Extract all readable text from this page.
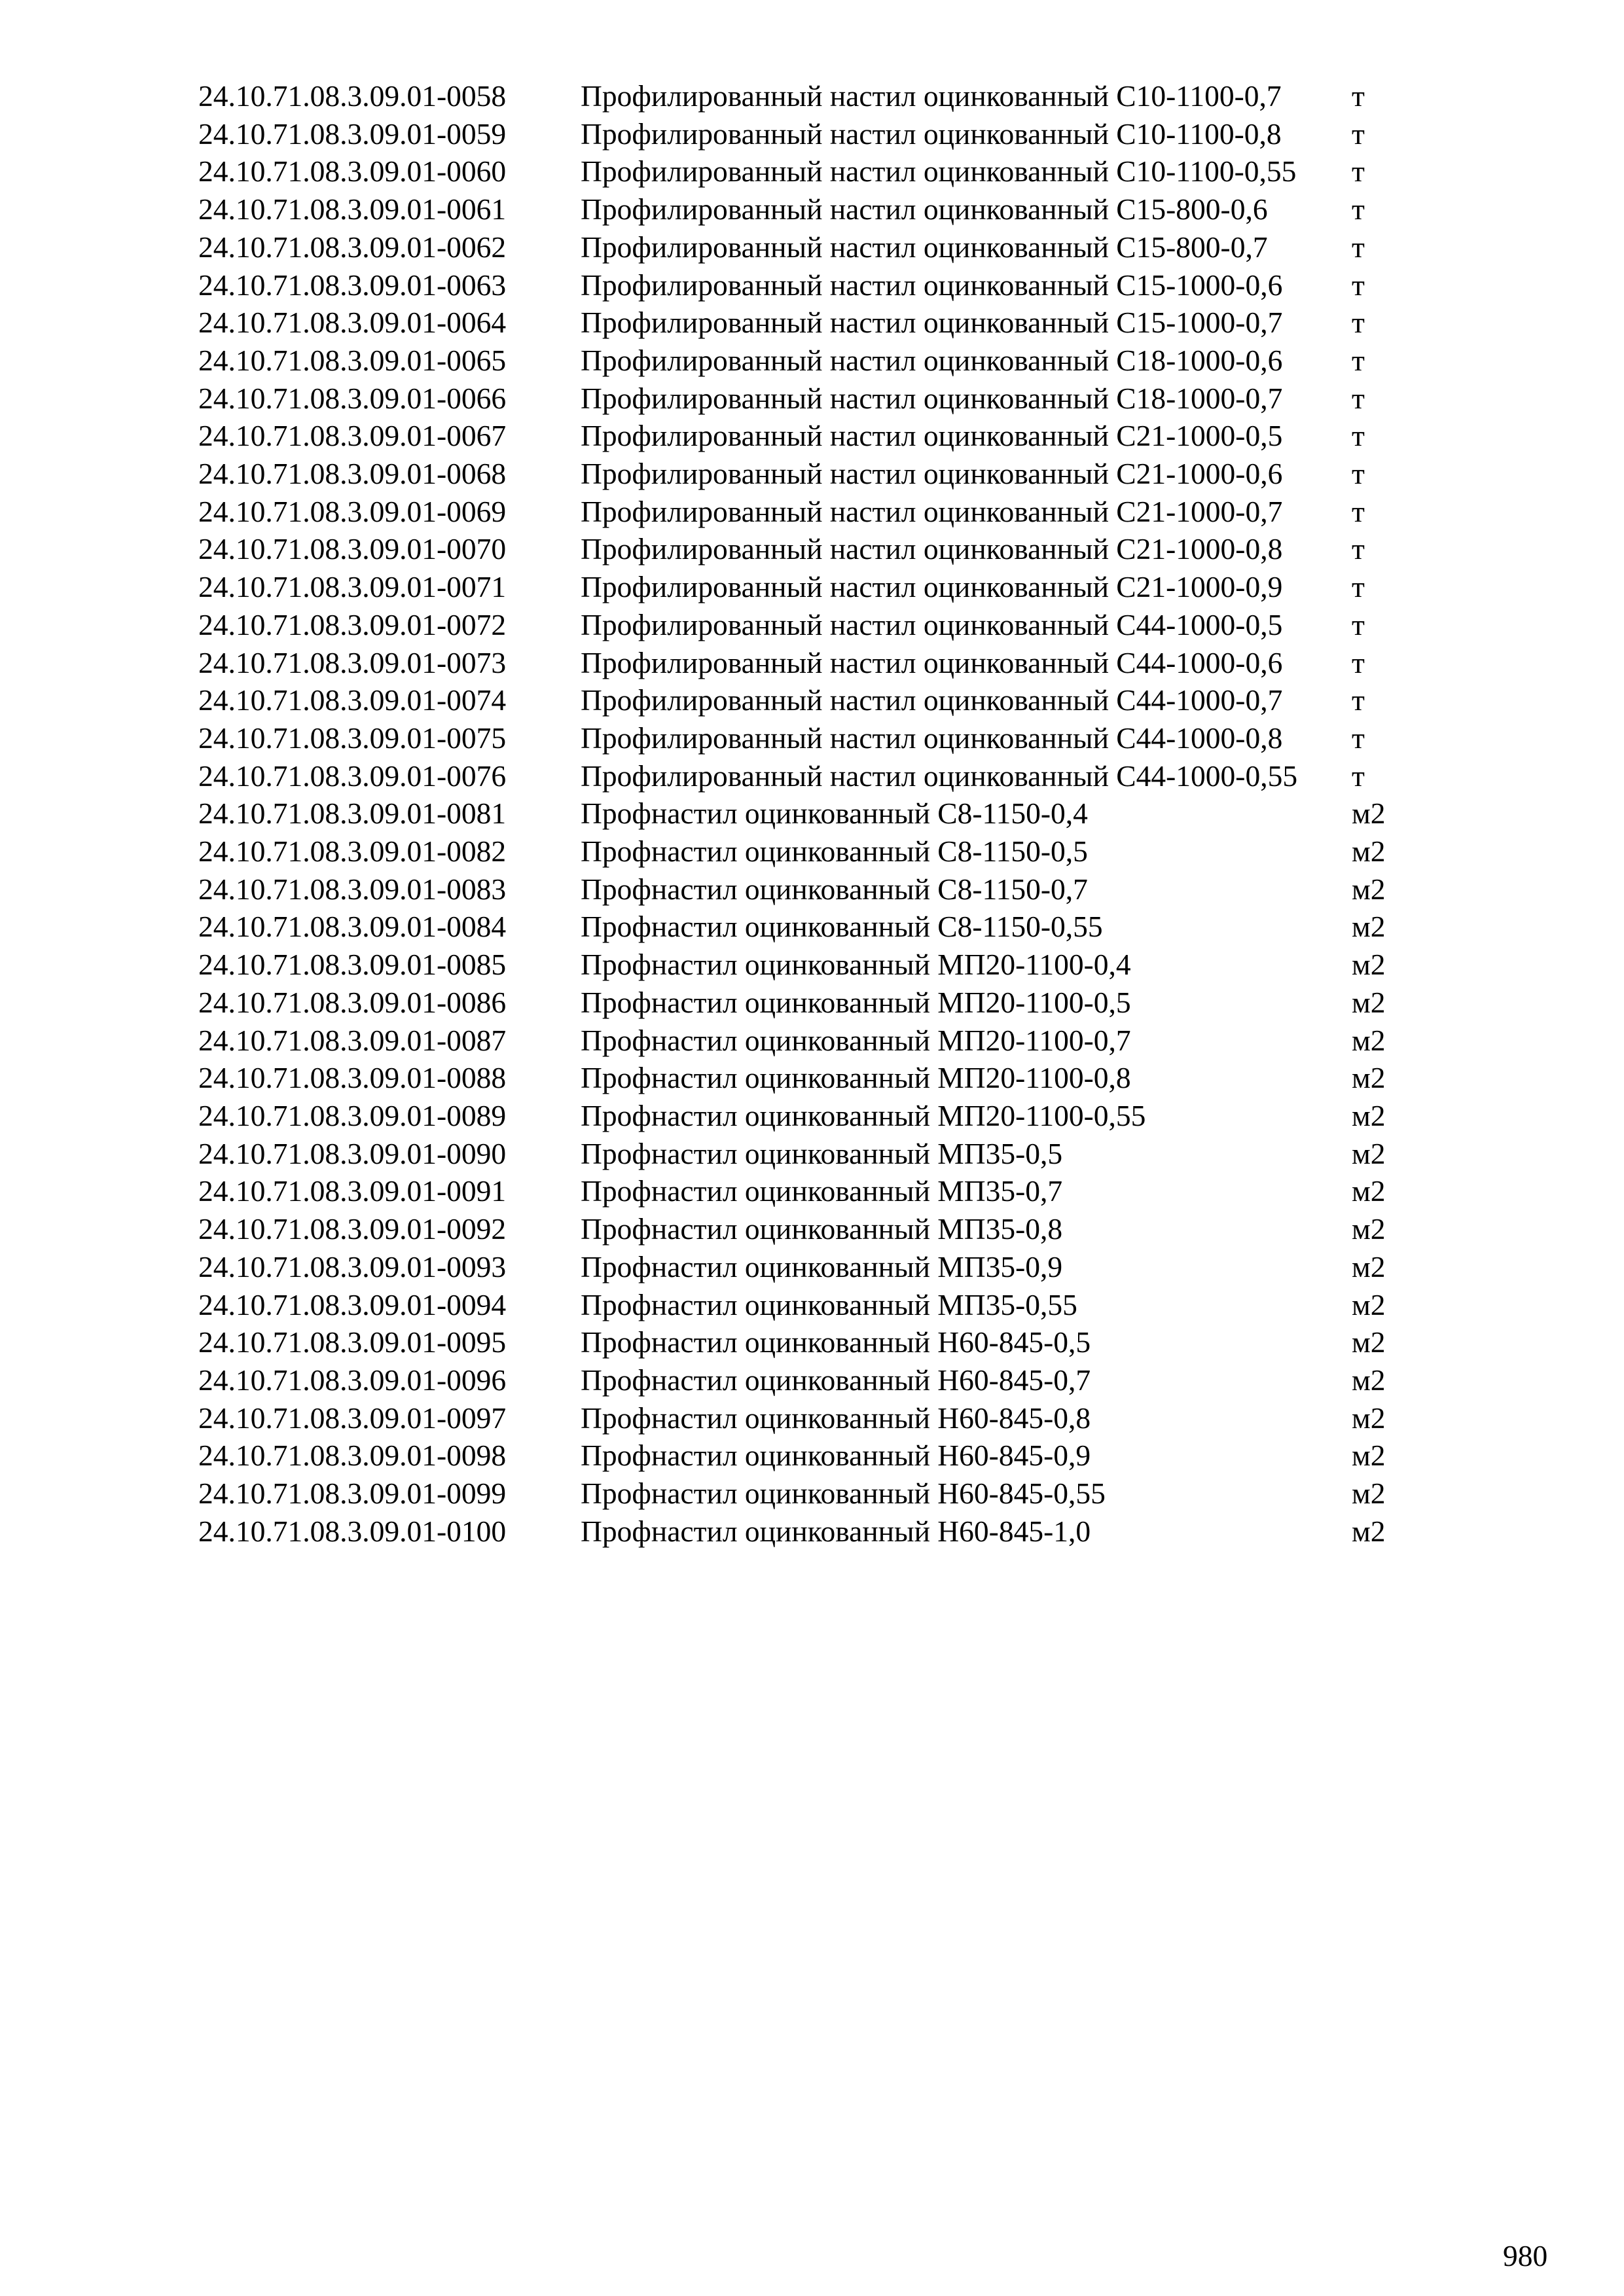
24.10.71.08.3.09.01-0058	Профилированный настил оцинкованный С10-1100-0,7	т
24.10.71.08.3.09.01-0059	Профилированный настил оцинкованный С10-1100-0,8	т
24.10.71.08.3.09.01-0060	Профилированный настил оцинкованный С10-1100-0,55	т
24.10.71.08.3.09.01-0061	Профилированный настил оцинкованный С15-800-0,6	т
24.10.71.08.3.09.01-0062	Профилированный настил оцинкованный С15-800-0,7	т
24.10.71.08.3.09.01-0063	Профилированный настил оцинкованный С15-1000-0,6	т
24.10.71.08.3.09.01-0064	Профилированный настил оцинкованный С15-1000-0,7	т
24.10.71.08.3.09.01-0065	Профилированный настил оцинкованный С18-1000-0,6	т
24.10.71.08.3.09.01-0066	Профилированный настил оцинкованный С18-1000-0,7	т
24.10.71.08.3.09.01-0067	Профилированный настил оцинкованный С21-1000-0,5	т
24.10.71.08.3.09.01-0068	Профилированный настил оцинкованный С21-1000-0,6	т
24.10.71.08.3.09.01-0069	Профилированный настил оцинкованный С21-1000-0,7	т
24.10.71.08.3.09.01-0070	Профилированный настил оцинкованный С21-1000-0,8	т
24.10.71.08.3.09.01-0071	Профилированный настил оцинкованный С21-1000-0,9	т
24.10.71.08.3.09.01-0072	Профилированный настил оцинкованный С44-1000-0,5	т
24.10.71.08.3.09.01-0073	Профилированный настил оцинкованный С44-1000-0,6	т
24.10.71.08.3.09.01-0074	Профилированный настил оцинкованный С44-1000-0,7	т
24.10.71.08.3.09.01-0075	Профилированный настил оцинкованный С44-1000-0,8	т
24.10.71.08.3.09.01-0076	Профилированный настил оцинкованный С44-1000-0,55	т
24.10.71.08.3.09.01-0081	Профнастил оцинкованный С8-1150-0,4	м2
24.10.71.08.3.09.01-0082	Профнастил оцинкованный С8-1150-0,5	м2
24.10.71.08.3.09.01-0083	Профнастил оцинкованный С8-1150-0,7	м2
24.10.71.08.3.09.01-0084	Профнастил оцинкованный С8-1150-0,55	м2
24.10.71.08.3.09.01-0085	Профнастил оцинкованный МП20-1100-0,4	м2
24.10.71.08.3.09.01-0086	Профнастил оцинкованный МП20-1100-0,5	м2
24.10.71.08.3.09.01-0087	Профнастил оцинкованный МП20-1100-0,7	м2
24.10.71.08.3.09.01-0088	Профнастил оцинкованный МП20-1100-0,8	м2
24.10.71.08.3.09.01-0089	Профнастил оцинкованный МП20-1100-0,55	м2
24.10.71.08.3.09.01-0090	Профнастил оцинкованный МП35-0,5	м2
24.10.71.08.3.09.01-0091	Профнастил оцинкованный МП35-0,7	м2
24.10.71.08.3.09.01-0092	Профнастил оцинкованный МП35-0,8	м2
24.10.71.08.3.09.01-0093	Профнастил оцинкованный МП35-0,9	м2
24.10.71.08.3.09.01-0094	Профнастил оцинкованный МП35-0,55	м2
24.10.71.08.3.09.01-0095	Профнастил оцинкованный Н60-845-0,5	м2
24.10.71.08.3.09.01-0096	Профнастил оцинкованный Н60-845-0,7	м2
24.10.71.08.3.09.01-0097	Профнастил оцинкованный Н60-845-0,8	м2
24.10.71.08.3.09.01-0098	Профнастил оцинкованный Н60-845-0,9	м2
24.10.71.08.3.09.01-0099	Профнастил оцинкованный Н60-845-0,55	м2
24.10.71.08.3.09.01-0100	Профнастил оцинкованный Н60-845-1,0	м2
980
